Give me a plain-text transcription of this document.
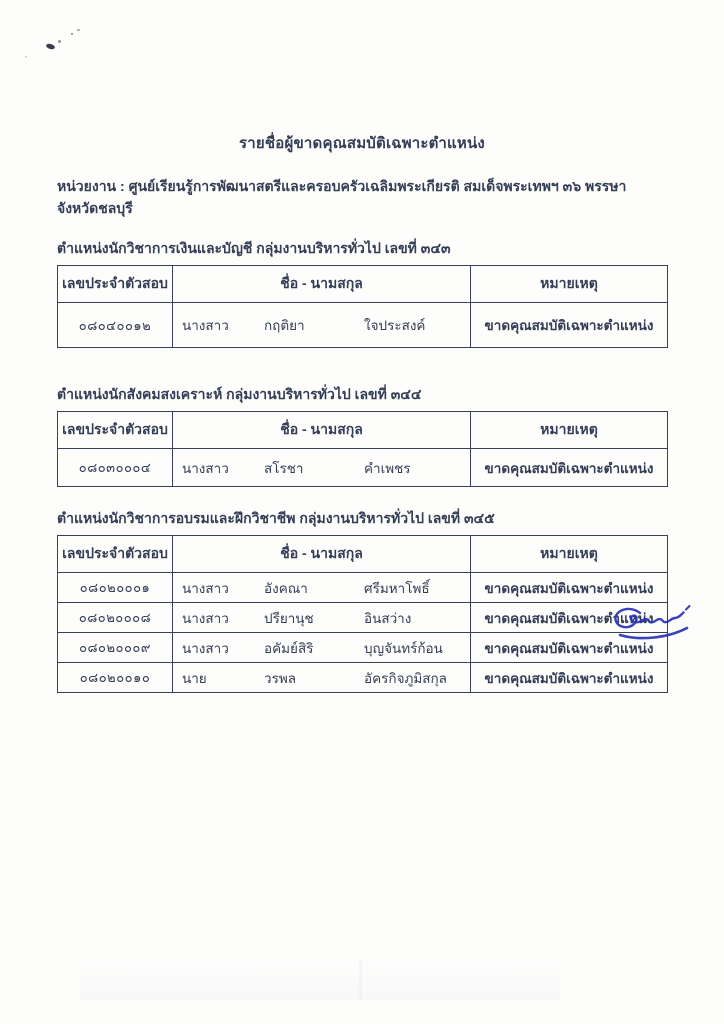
รายชื่อผู้ขาดคุณสมบัติเฉพาะตำแหน่ง

หน่วยงาน : ศูนย์เรียนรู้การพัฒนาสตรีและครอบครัวเฉลิมพระเกียรติ สมเด็จพระเทพฯ ๓๖ พรรษา จังหวัดชลบุรี

ตำแหน่งนักวิชาการเงินและบัญชี กลุ่มงานบริหารทั่วไป เลขที่ ๓๔๓
เลขประจำตัวสอบ	ชื่อ - นามสกุล	หมายเหตุ
๐๘๐๔๐๐๑๒	นางสาว กฤติยา ใจประสงค์	ขาดคุณสมบัติเฉพาะตำแหน่ง
ตำแหน่งนักสังคมสงเคราะห์ กลุ่มงานบริหารทั่วไป เลขที่ ๓๔๔
เลขประจำตัวสอบ	ชื่อ - นามสกุล	หมายเหตุ
๐๘๐๓๐๐๐๔	นางสาว สโรชา คำเพชร	ขาดคุณสมบัติเฉพาะตำแหน่ง
ตำแหน่งนักวิชาการอบรมและฝึกวิชาชีพ กลุ่มงานบริหารทั่วไป เลขที่ ๓๔๕
เลขประจำตัวสอบ	ชื่อ - นามสกุล	หมายเหตุ
๐๘๐๒๐๐๐๑	นางสาว อังคณา ศรีมหาโพธิ์	ขาดคุณสมบัติเฉพาะตำแหน่ง
๐๘๐๒๐๐๐๘	นางสาว ปรียานุช อินสว่าง	ขาดคุณสมบัติเฉพาะตำแหน่ง
๐๘๐๒๐๐๐๙	นางสาว อคัมย์สิริ บุญจันทร์ก้อน	ขาดคุณสมบัติเฉพาะตำแหน่ง
๐๘๐๒๐๐๑๐	นาย วรพล อัครกิจภูมิสกุล	ขาดคุณสมบัติเฉพาะตำแหน่ง
